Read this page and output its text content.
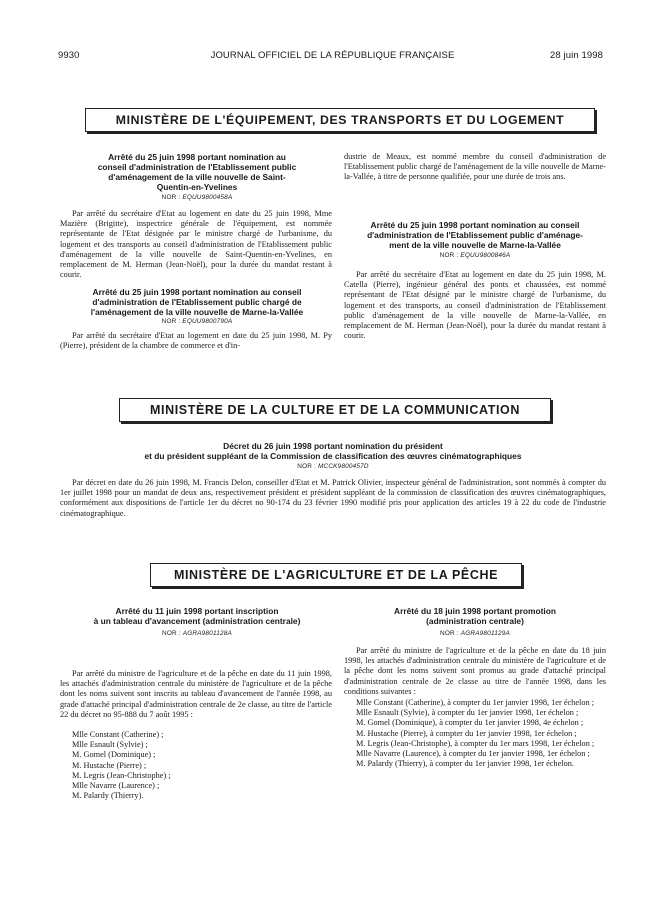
9930	JOURNAL OFFICIEL DE LA RÉPUBLIQUE FRANÇAISE	28 juin 1998
MINISTÈRE DE L'ÉQUIPEMENT, DES TRANSPORTS ET DU LOGEMENT
Arrêté du 25 juin 1998 portant nomination au
conseil d'administration de l'Etablissement public
d'aménagement de la ville nouvelle de Saint-
Quentin-en-Yvelines
NOR : EQUU9800458A
Par arrêté du secrétaire d'Etat au logement en date du 25 juin 1998, Mme Mazière (Brigitte), inspectrice générale de l'équipement, est nommée représentante de l'Etat désignée par le ministre chargé de l'urbanisme, du logement et des transports au conseil d'administration de l'Etablissement public d'aménagement de la ville nouvelle de Saint-Quentin-en-Yvelines, en remplacement de M. Herman (Jean-Noël), pour la durée du mandat restant à courir.
Arrêté du 25 juin 1998 portant nomination au conseil
d'administration de l'Etablissement public chargé de
l'aménagement de la ville nouvelle de Marne-la-Vallée
NOR : EQUU9800790A
Par arrêté du secrétaire d'Etat au logement en date du 25 juin 1998, M. Py (Pierre), président de la chambre de commerce et d'in-
dustrie de Meaux, est nommé membre du conseil d'administration de l'Etablissement public chargé de l'aménagement de la ville nouvelle de Marne-la-Vallée, à titre de personne qualifiée, pour une durée de trois ans.
Arrêté du 25 juin 1998 portant nomination au conseil
d'administration de l'Etablissement public d'aménage-
ment de la ville nouvelle de Marne-la-Vallée
NOR : EQUU9800846A
Par arrêté du secrétaire d'Etat au logement en date du 25 juin 1998, M. Catella (Pierre), ingénieur général des ponts et chaussées, est nommé représentant de l'Etat désigné par le ministre chargé de l'urbanisme, du logement et des transports, au conseil d'administration de l'Etablissement public d'aménagement de la ville nouvelle de Marne-la-Vallée, en remplacement de M. Herman (Jean-Noël), pour la durée du mandat restant à courir.
MINISTÈRE DE LA CULTURE ET DE LA COMMUNICATION
Décret du 26 juin 1998 portant nomination du président
et du président suppléant de la Commission de classification des œuvres cinématographiques
NOR : MCCK9800457D
Par décret en date du 26 juin 1998, M. Francis Delon, conseiller d'Etat et M. Patrick Olivier, inspecteur général de l'administration, sont nommés à compter du 1er juillet 1998 pour un mandat de deux ans, respectivement président et président suppléant de la commission de classification des œuvres cinématographiques, conformément aux dispositions de l'article 1er du décret no 90-174 du 23 février 1990 modifié pris pour application des articles 19 à 22 du code de l'industrie cinématographique.
MINISTÈRE DE L'AGRICULTURE ET DE LA PÊCHE
Arrêté du 11 juin 1998 portant inscription
à un tableau d'avancement (administration centrale)
NOR : AGRA9801128A
Par arrêté du ministre de l'agriculture et de la pêche en date du 11 juin 1998, les attachés d'administration centrale du ministère de l'agriculture et de la pêche dont les noms suivent sont inscrits au tableau d'avancement de l'année 1998, au grade d'attaché principal d'administration centrale de 2e classe, au titre de l'article 22 du décret no 95-888 du 7 août 1995 :
Mlle Constant (Catherine) ;
Mlle Esnault (Sylvie) ;
M. Gomel (Dominique) ;
M. Hustache (Pierre) ;
M. Legris (Jean-Christophe) ;
Mlle Navarre (Laurence) ;
M. Palardy (Thierry).
Arrêté du 18 juin 1998 portant promotion
(administration centrale)
NOR : AGRA9801129A
Par arrêté du ministre de l'agriculture et de la pêche en date du 18 juin 1998, les attachés d'administration centrale du ministère de l'agriculture et de la pêche dont les noms suivent sont promus au grade d'attaché principal d'administration centrale de 2e classe au titre de l'année 1998, dans les conditions suivantes :
Mlle Constant (Catherine), à compter du 1er janvier 1998, 1er échelon ;
Mlle Esnault (Sylvie), à compter du 1er janvier 1998, 1er échelon ;
M. Gomel (Dominique), à compter du 1er janvier 1998, 4e échelon ;
M. Hustache (Pierre), à compter du 1er janvier 1998, 1er échelon ;
M. Legris (Jean-Christophe), à compter du 1er mars 1998, 1er échelon ;
Mlle Navarre (Laurence), à compter du 1er janvier 1998, 1er échelon ;
M. Palardy (Thierry), à compter du 1er janvier 1998, 1er échelon.
